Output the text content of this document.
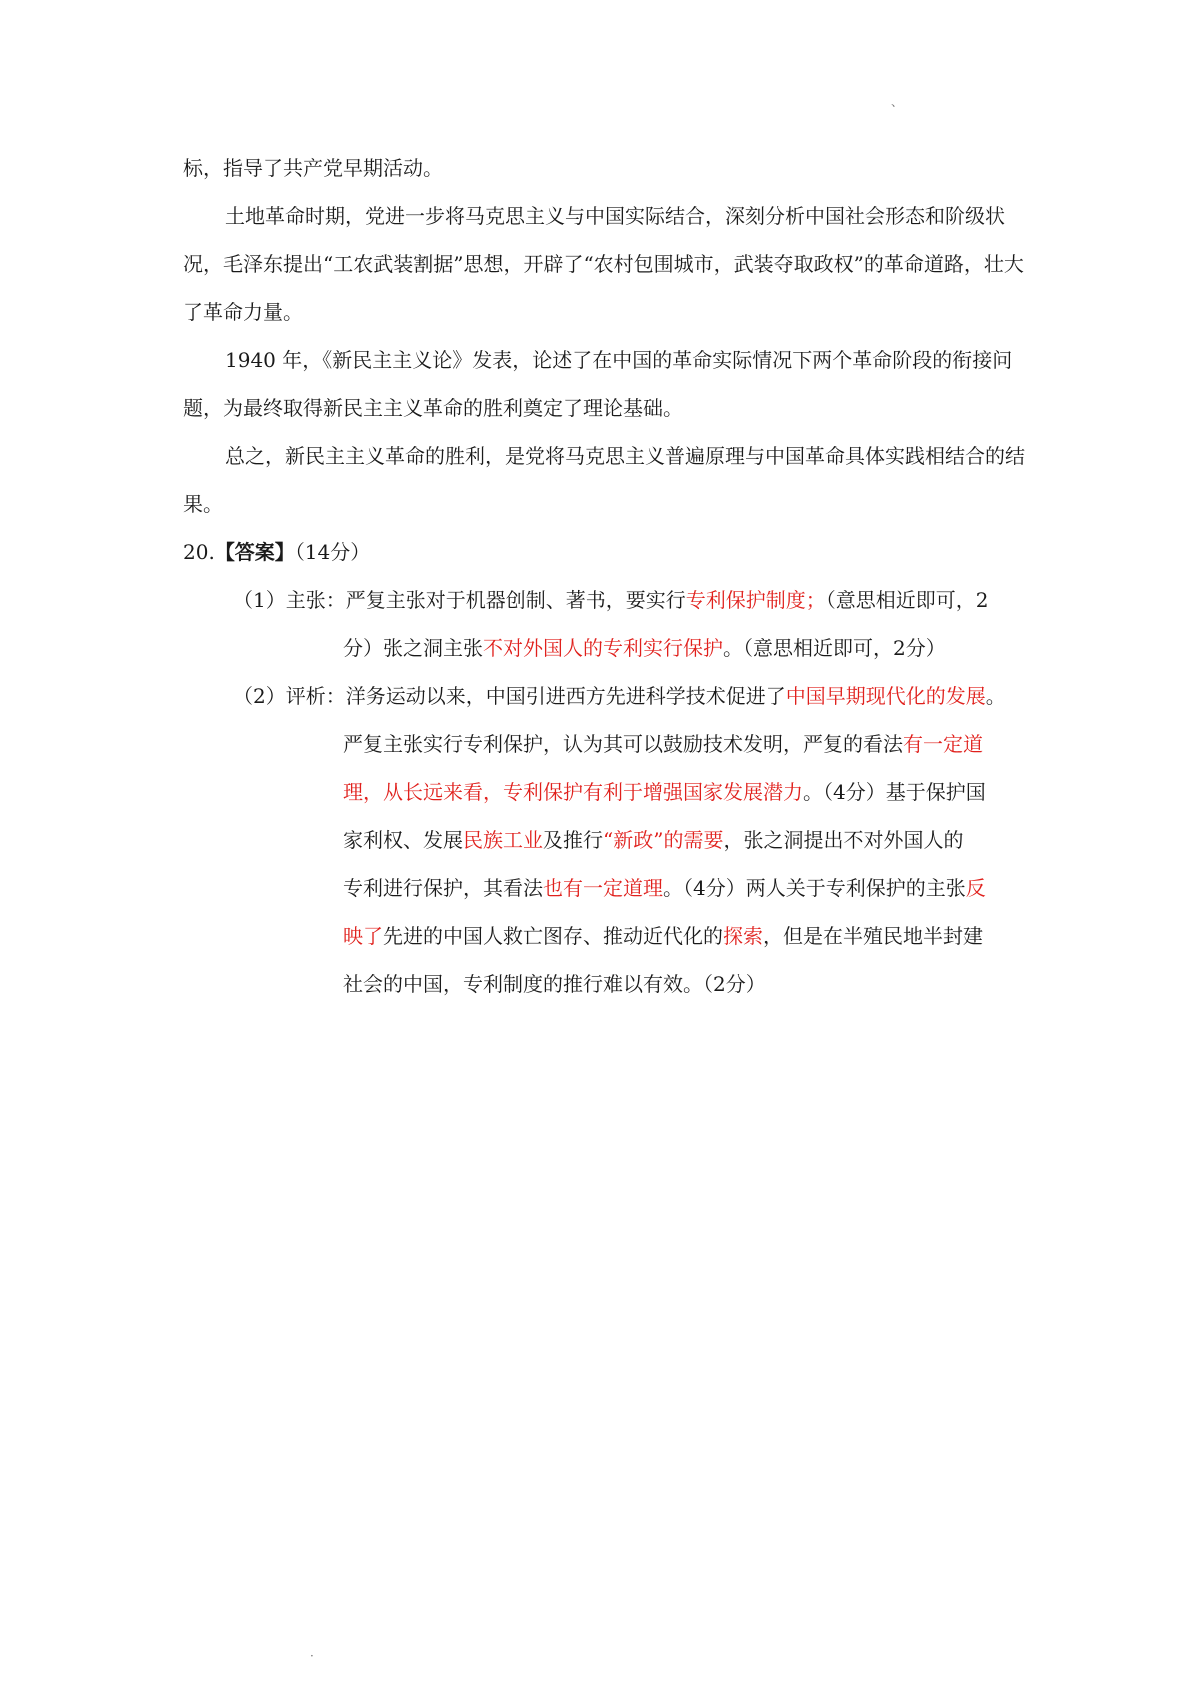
、

标，指导了共产党早期活动。

土地革命时期，党进一步将马克思主义与中国实际结合，深刻分析中国社会形态和阶级状况，毛泽东提出“工农武装割据”思想，开辟了“农村包围城市，武装夺取政权”的革命道路，壮大了革命力量。

1940 年，《新民主主义论》发表，论述了在中国的革命实际情况下两个革命阶段的衔接问题，为最终取得新民主主义革命的胜利奠定了理论基础。

总之，新民主主义革命的胜利，是党将马克思主义普遍原理与中国革命具体实践相结合的结果。

20.【答案】（14分）
（1）主张：严复主张对于机器创制、著书，要实行专利保护制度；（意思相近即可，2
分）张之洞主张不对外国人的专利实行保护。（意思相近即可，2分）
（2）评析：洋务运动以来，中国引进西方先进科学技术促进了中国早期现代化的发展。
严复主张实行专利保护，认为其可以鼓励技术发明，严复的看法有一定道
理，从长远来看，专利保护有利于增强国家发展潜力。（4分）基于保护国
家利权、发展民族工业及推行“新政”的需要，张之洞提出不对外国人的
专利进行保护，其看法也有一定道理。（4分）两人关于专利保护的主张反
映了先进的中国人救亡图存、推动近代化的探索，但是在半殖民地半封建
社会的中国，专利制度的推行难以有效。（2分）
·
